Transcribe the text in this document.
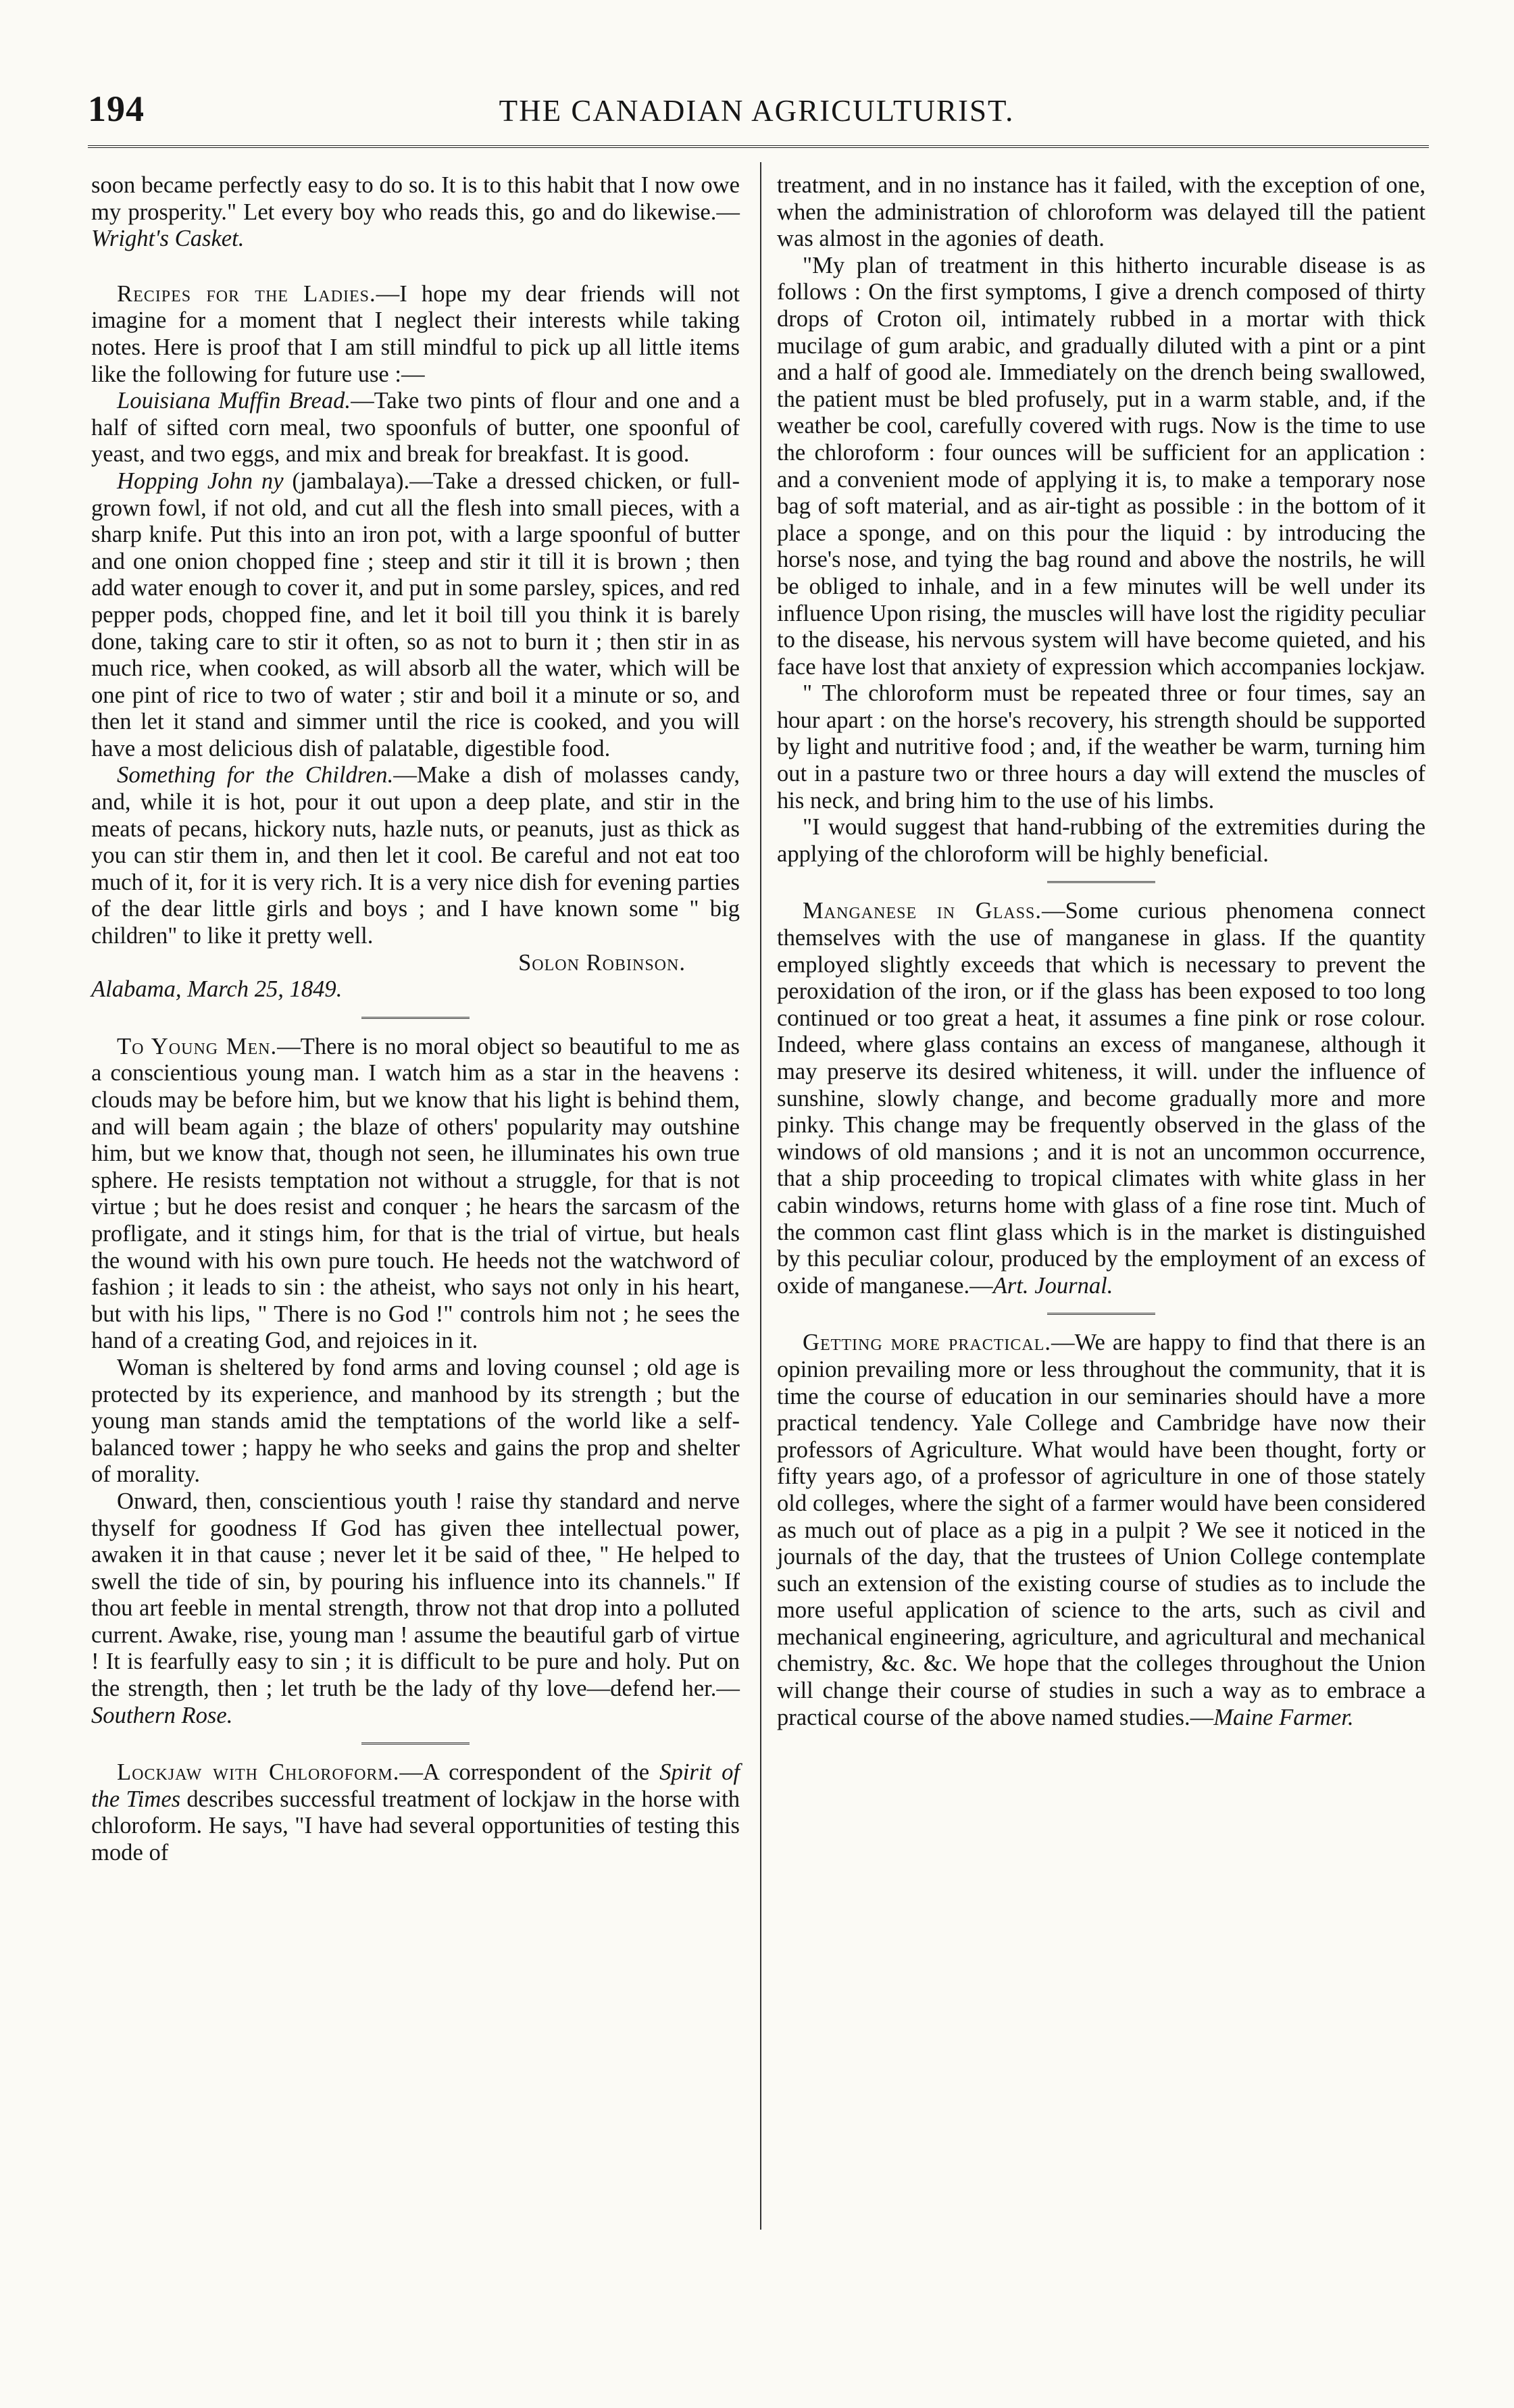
194	THE CANADIAN AGRICULTURIST.

soon became perfectly easy to do so. It is to this habit that I now owe my prosperity." Let every boy who reads this, go and do likewise.—Wright's Casket.

Recipes for the Ladies.—I hope my dear friends will not imagine for a moment that I neglect their interests while taking notes. Here is proof that I am still mindful to pick up all little items like the following for future use :—

Louisiana Muffin Bread.—Take two pints of flour and one and a half of sifted corn meal, two spoonfuls of butter, one spoonful of yeast, and two eggs, and mix and break for breakfast. It is good.

Hopping John ny (jambalaya).—Take a dressed chicken, or full-grown fowl, if not old, and cut all the flesh into small pieces, with a sharp knife. Put this into an iron pot, with a large spoonful of butter and one onion chopped fine ; steep and stir it till it is brown ; then add water enough to cover it, and put in some parsley, spices, and red pepper pods, chopped fine, and let it boil till you think it is barely done, taking care to stir it often, so as not to burn it ; then stir in as much rice, when cooked, as will absorb all the water, which will be one pint of rice to two of water ; stir and boil it a minute or so, and then let it stand and simmer until the rice is cooked, and you will have a most delicious dish of palatable, digestible food.

Something for the Children.—Make a dish of molasses candy, and, while it is hot, pour it out upon a deep plate, and stir in the meats of pecans, hickory nuts, hazle nuts, or peanuts, just as thick as you can stir them in, and then let it cool. Be careful and not eat too much of it, for it is very rich. It is a very nice dish for evening parties of the dear little girls and boys ; and I have known some " big children" to like it pretty well.

Solon Robinson.

Alabama, March 25, 1849.

To Young Men.—There is no moral object so beautiful to me as a conscientious young man. I watch him as a star in the heavens : clouds may be before him, but we know that his light is behind them, and will beam again ; the blaze of others' popularity may outshine him, but we know that, though not seen, he illuminates his own true sphere. He resists temptation not without a struggle, for that is not virtue ; but he does resist and conquer ; he hears the sarcasm of the profligate, and it stings him, for that is the trial of virtue, but heals the wound with his own pure touch. He heeds not the watchword of fashion ; it leads to sin : the atheist, who says not only in his heart, but with his lips, " There is no God !" controls him not ; he sees the hand of a creating God, and rejoices in it.

Woman is sheltered by fond arms and loving counsel ; old age is protected by its experience, and manhood by its strength ; but the young man stands amid the temptations of the world like a self-balanced tower ; happy he who seeks and gains the prop and shelter of morality.

Onward, then, conscientious youth ! raise thy standard and nerve thyself for goodness If God has given thee intellectual power, awaken it in that cause ; never let it be said of thee, " He helped to swell the tide of sin, by pouring his influence into its channels." If thou art feeble in mental strength, throw not that drop into a polluted current. Awake, rise, young man ! assume the beautiful garb of virtue ! It is fearfully easy to sin ; it is difficult to be pure and holy. Put on the strength, then ; let truth be the lady of thy love—defend her.—Southern Rose.

Lockjaw with Chloroform.—A correspondent of the Spirit of the Times describes successful treatment of lockjaw in the horse with chloroform. He says, "I have had several opportunities of testing this mode of

treatment, and in no instance has it failed, with the exception of one, when the administration of chloroform was delayed till the patient was almost in the agonies of death.

"My plan of treatment in this hitherto incurable disease is as follows : On the first symptoms, I give a drench composed of thirty drops of Croton oil, intimately rubbed in a mortar with thick mucilage of gum arabic, and gradually diluted with a pint or a pint and a half of good ale. Immediately on the drench being swallowed, the patient must be bled profusely, put in a warm stable, and, if the weather be cool, carefully covered with rugs. Now is the time to use the chloroform : four ounces will be sufficient for an application : and a convenient mode of applying it is, to make a temporary nose bag of soft material, and as air-tight as possible : in the bottom of it place a sponge, and on this pour the liquid : by introducing the horse's nose, and tying the bag round and above the nostrils, he will be obliged to inhale, and in a few minutes will be well under its influence Upon rising, the muscles will have lost the rigidity peculiar to the disease, his nervous system will have become quieted, and his face have lost that anxiety of expression which accompanies lockjaw.

" The chloroform must be repeated three or four times, say an hour apart : on the horse's recovery, his strength should be supported by light and nutritive food ; and, if the weather be warm, turning him out in a pasture two or three hours a day will extend the muscles of his neck, and bring him to the use of his limbs.

"I would suggest that hand-rubbing of the extremities during the applying of the chloroform will be highly beneficial.

Manganese in Glass.—Some curious phenomena connect themselves with the use of manganese in glass. If the quantity employed slightly exceeds that which is necessary to prevent the peroxidation of the iron, or if the glass has been exposed to too long continued or too great a heat, it assumes a fine pink or rose colour. Indeed, where glass contains an excess of manganese, although it may preserve its desired whiteness, it will. under the influence of sunshine, slowly change, and become gradually more and more pinky. This change may be frequently observed in the glass of the windows of old mansions ; and it is not an uncommon occurrence, that a ship proceeding to tropical climates with white glass in her cabin windows, returns home with glass of a fine rose tint. Much of the common cast flint glass which is in the market is distinguished by this peculiar colour, produced by the employment of an excess of oxide of manganese.—Art. Journal.

Getting more practical.—We are happy to find that there is an opinion prevailing more or less throughout the community, that it is time the course of education in our seminaries should have a more practical tendency. Yale College and Cambridge have now their professors of Agriculture. What would have been thought, forty or fifty years ago, of a professor of agriculture in one of those stately old colleges, where the sight of a farmer would have been considered as much out of place as a pig in a pulpit ? We see it noticed in the journals of the day, that the trustees of Union College contemplate such an extension of the existing course of studies as to include the more useful application of science to the arts, such as civil and mechanical engineering, agriculture, and agricultural and mechanical chemistry, &c. &c. We hope that the colleges throughout the Union will change their course of studies in such a way as to embrace a practical course of the above named studies.—Maine Farmer.
